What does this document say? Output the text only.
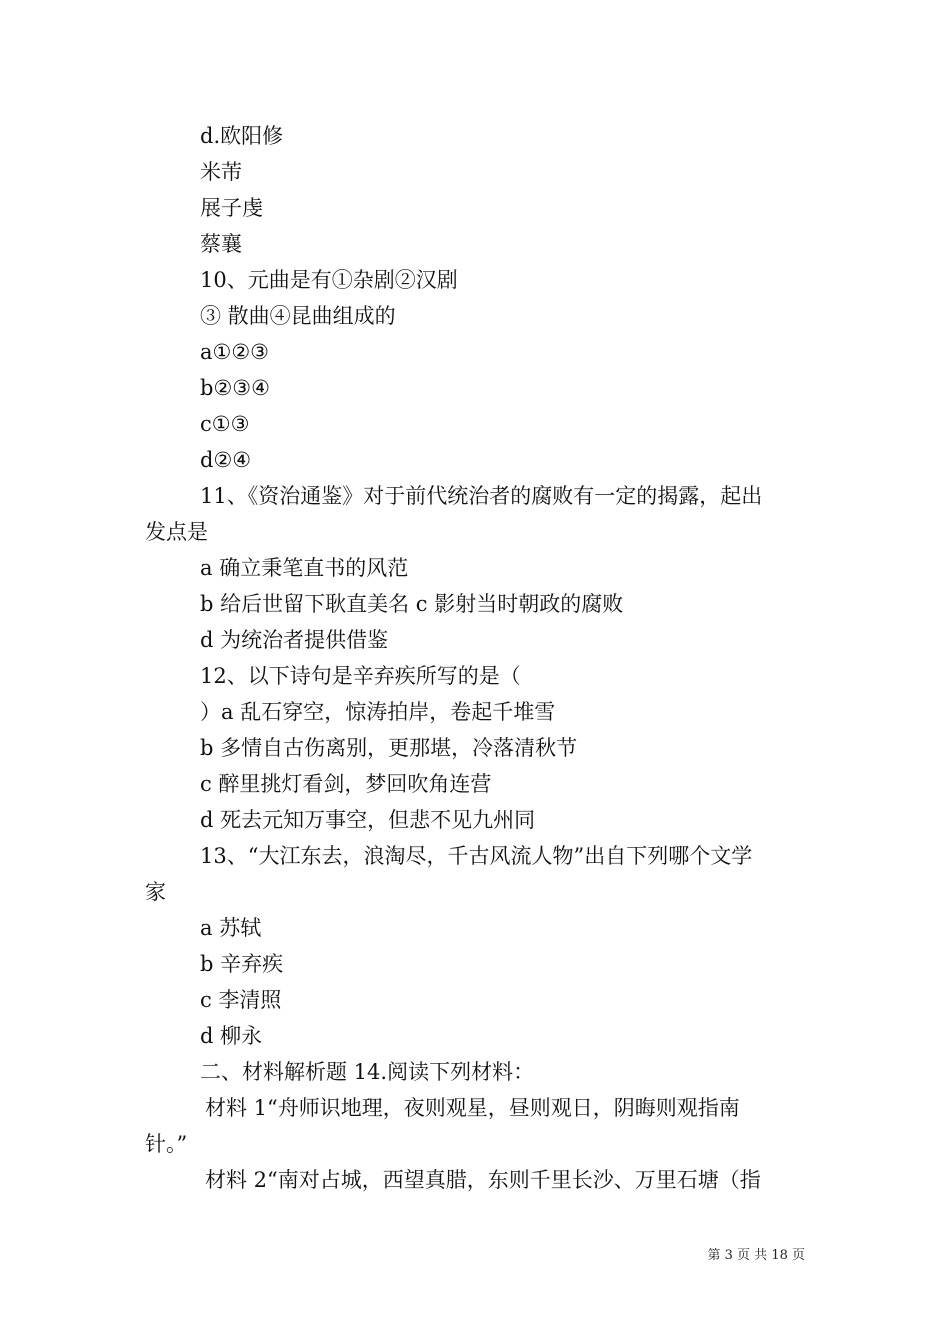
d.欧阳修
米芾
展子虔
蔡襄
10、元曲是有①杂剧②汉剧
③ 散曲④昆曲组成的
a①②③
b②③④
c①③
d②④
11、《资治通鉴》对于前代统治者的腐败有一定的揭露，起出
发点是
a 确立秉笔直书的风范
b 给后世留下耿直美名 c 影射当时朝政的腐败
d 为统治者提供借鉴
12、以下诗句是辛弃疾所写的是（
）a 乱石穿空，惊涛拍岸，卷起千堆雪
b 多情自古伤离别，更那堪，冷落清秋节
c 醉里挑灯看剑，梦回吹角连营
d 死去元知万事空，但悲不见九州同
13、“大江东去，浪淘尽，千古风流人物”出自下列哪个文学
家
a 苏轼
b 辛弃疾
c 李清照
d 柳永
二、材料解析题 14.阅读下列材料：
材料 1“舟师识地理，夜则观星，昼则观日，阴晦则观指南
针。”
材料 2“南对占城，西望真腊，东则千里长沙、万里石塘（指
第 3 页 共 18 页
